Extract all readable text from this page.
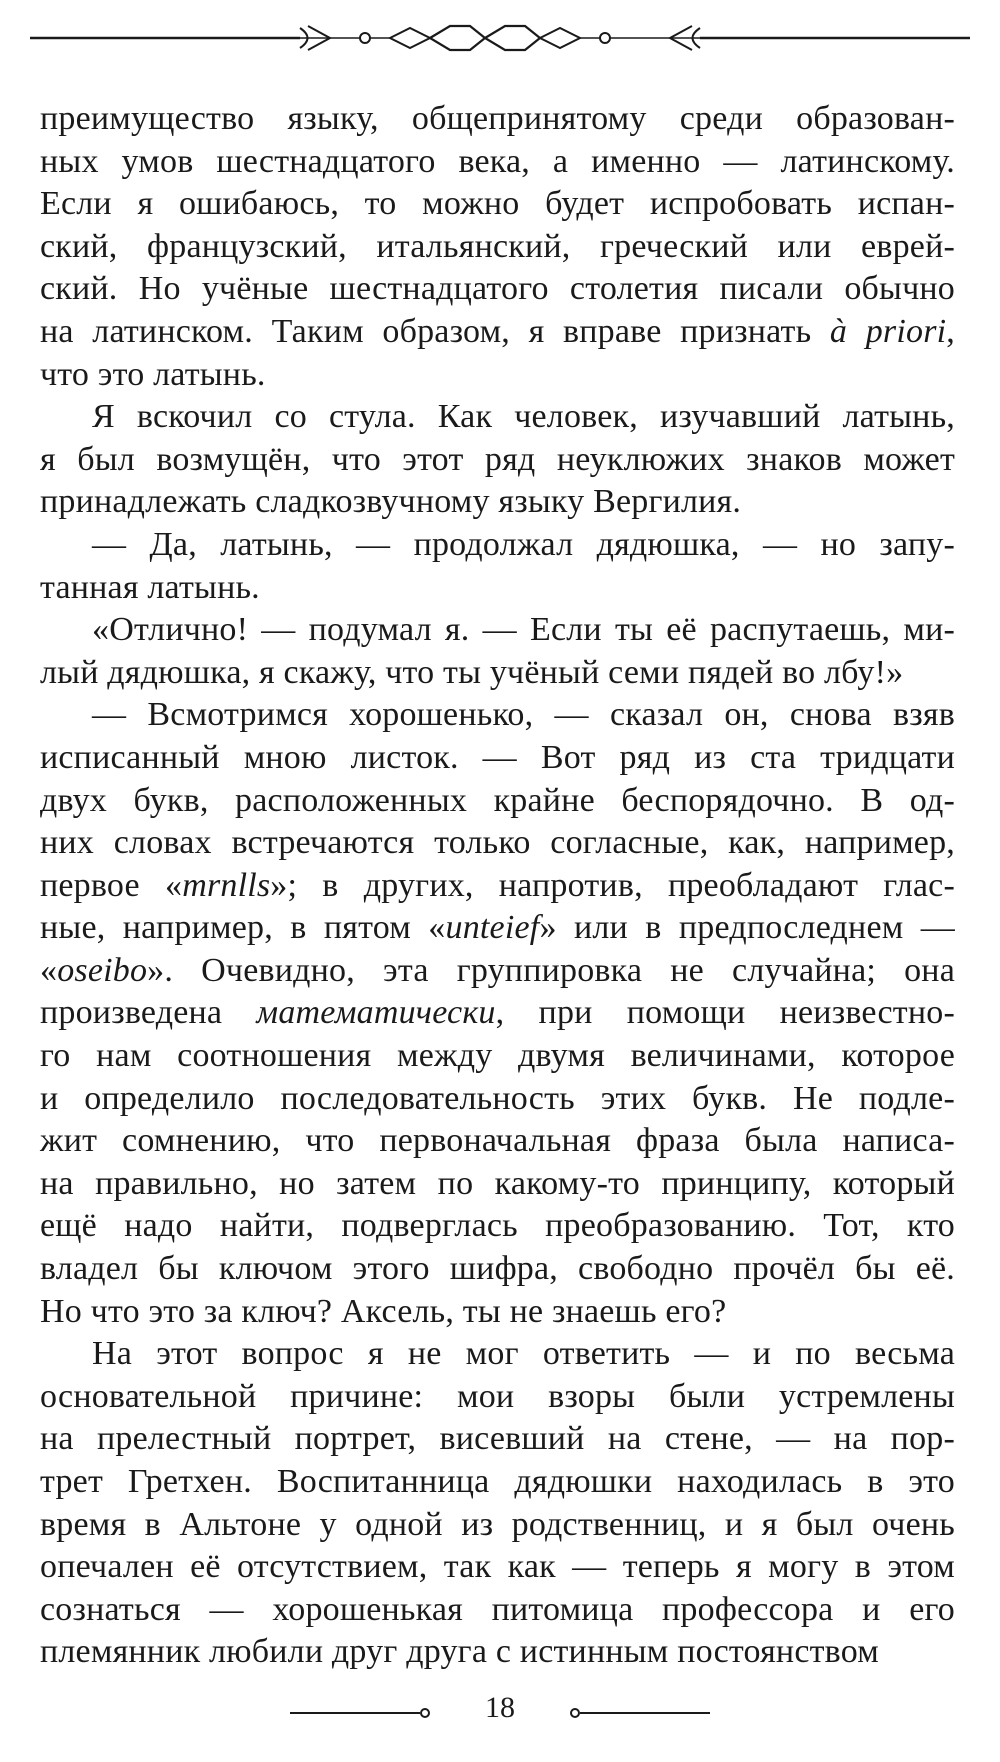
преимущество языку, общепринятому среди образован-
ных умов шестнадцатого века, а именно — латинскому.
Если я ошибаюсь, то можно будет испробовать испан-
ский, французский, итальянский, греческий или еврей-
ский. Но учёные шестнадцатого столетия писали обычно
на латинском. Таким образом, я вправе признать à priori,
что это латынь.

Я вскочил со стула. Как человек, изучавший латынь,
я был возмущён, что этот ряд неуклюжих знаков может
принадлежать сладкозвучному языку Вергилия.

— Да, латынь, — продолжал дядюшка, — но запу-
танная латынь.

«Отлично! — подумал я. — Если ты её распутаешь, ми-
лый дядюшка, я скажу, что ты учёный семи пядей во лбу!»

— Всмотримся хорошенько, — сказал он, снова взяв
исписанный мною листок. — Вот ряд из ста тридцати
двух букв, расположенных крайне беспорядочно. В од-
них словах встречаются только согласные, как, например,
первое «mrnlls»; в других, напротив, преобладают глас-
ные, например, в пятом «unteief» или в предпоследнем —
«oseibo». Очевидно, эта группировка не случайна; она
произведена математически, при помощи неизвестно-
го нам соотношения между двумя величинами, которое
и определило последовательность этих букв. Не подле-
жит сомнению, что первоначальная фраза была написа-
на правильно, но затем по какому-то принципу, который
ещё надо найти, подверглась преобразованию. Тот, кто
владел бы ключом этого шифра, свободно прочёл бы её.
Но что это за ключ? Аксель, ты не знаешь его?

На этот вопрос я не мог ответить — и по весьма
основательной причине: мои взоры были устремлены
на прелестный портрет, висевший на стене, — на пор-
трет Гретхен. Воспитанница дядюшки находилась в это
время в Альтоне у одной из родственниц, и я был очень
опечален её отсутствием, так как — теперь я могу в этом
сознаться — хорошенькая питомица профессора и его
племянник любили друг друга с истинным постоянством

18
